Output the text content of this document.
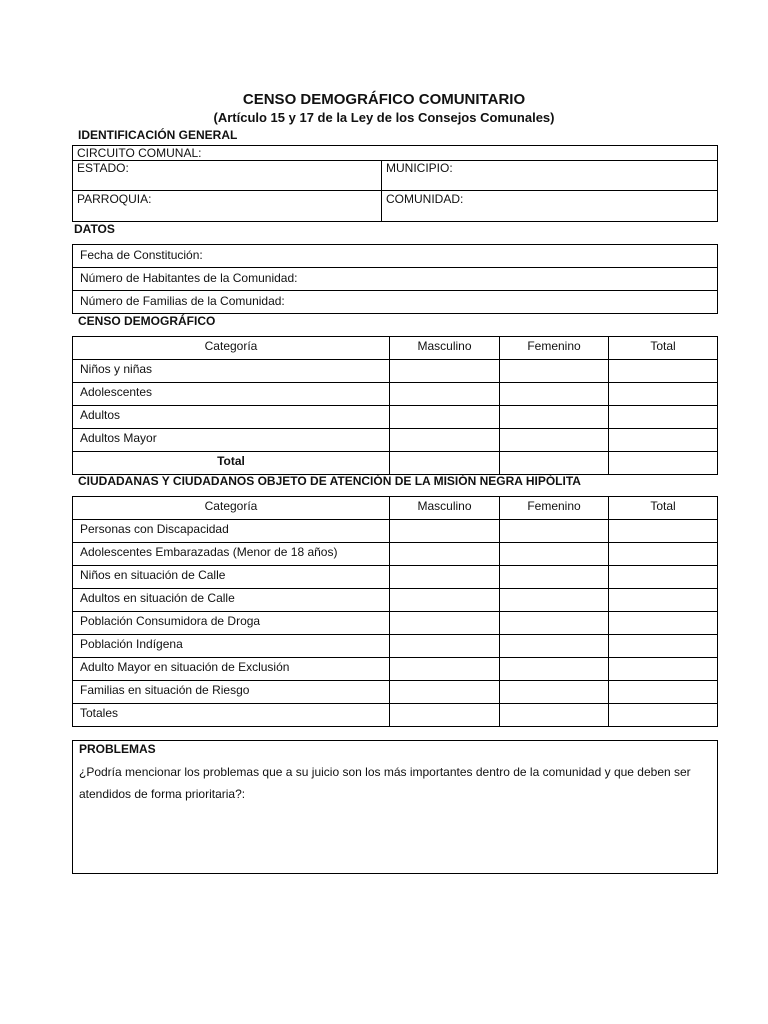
CENSO DEMOGRÁFICO COMUNITARIO
(Artículo 15 y 17 de la Ley de los Consejos Comunales)
IDENTIFICACIÓN GENERAL
CIRCUITO COMUNAL:	
ESTADO:	MUNICIPIO:
PARROQUIA:	COMUNIDAD:
DATOS
Fecha de Constitución:
Número de Habitantes de la Comunidad:
Número de Familias de la Comunidad:
CENSO DEMOGRÁFICO
Categoría	Masculino	Femenino	Total
Niños y niñas			
Adolescentes			
Adultos			
Adultos Mayor			
Total			
CIUDADANAS Y CIUDADANOS OBJETO DE ATENCIÓN DE LA MISIÓN NEGRA HIPÓLITA
Categoría	Masculino	Femenino	Total
Personas con Discapacidad			
Adolescentes Embarazadas (Menor de 18 años)			
Niños en situación de Calle			
Adultos en situación de Calle			
Población Consumidora de Droga			
Población Indígena			
Adulto Mayor en situación de Exclusión			
Familias en situación de Riesgo			
Totales			
PROBLEMAS
¿Podría mencionar los problemas que a su juicio son los más importantes dentro de la comunidad y que deben ser atendidos de forma prioritaria?:
